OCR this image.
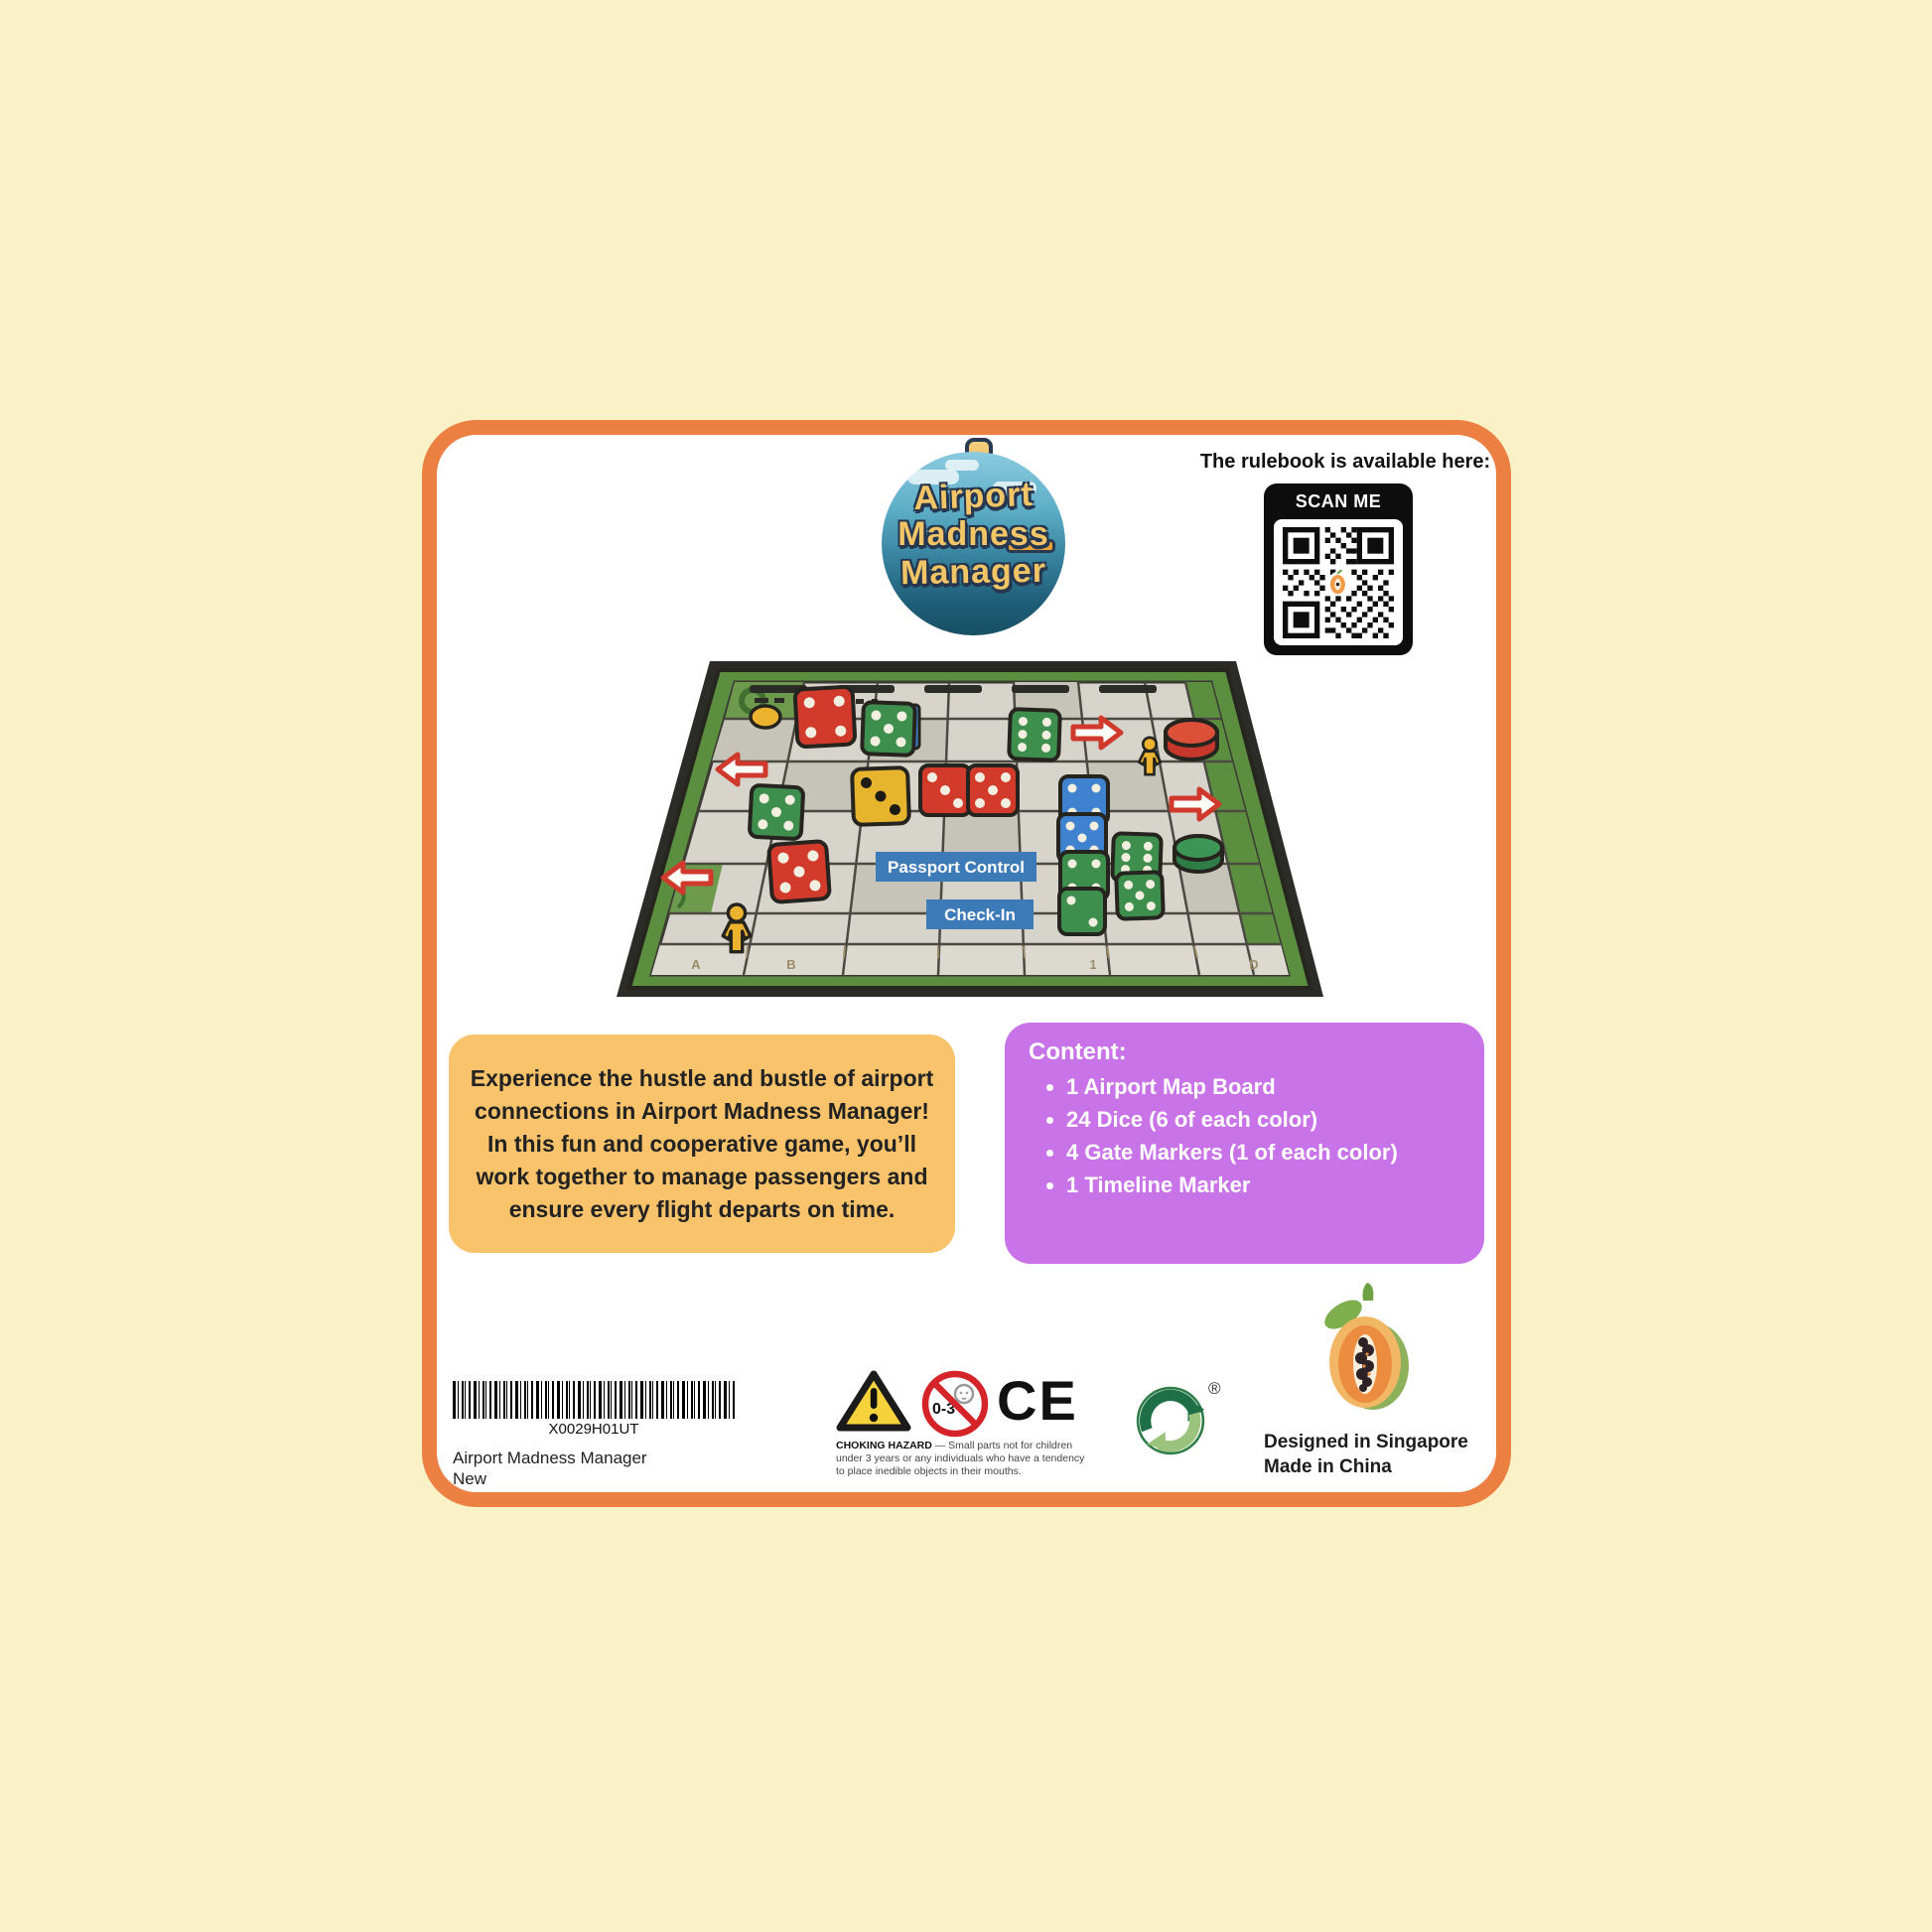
Airport
Madness
Manager
The rulebook is available here:
SCAN ME
A	B	1	D
Passport Control
Check-In

Experience the hustle and bustle of airport connections in Airport Madness Manager! In this fun and cooperative game, you’ll work together to manage passengers and ensure every flight departs on time.

Content:
• 1 Airport Map Board
• 24 Dice (6 of each color)
• 4 Gate Markers (1 of each color)
• 1 Timeline Marker
X0029H01UT
Airport Madness Manager
New
0-3 CE
CHOKING HAZARD — Small parts not for children under 3 years or any individuals who have a tendency to place inedible objects in their mouths.
®
Designed in Singapore
Made in China
